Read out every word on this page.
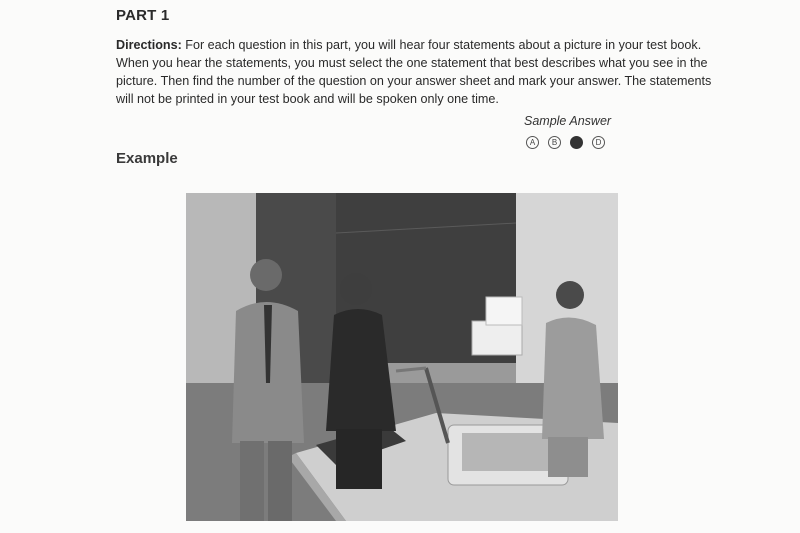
PART 1
Directions: For each question in this part, you will hear four statements about a picture in your test book. When you hear the statements, you must select the one statement that best describes what you see in the picture. Then find the number of the question on your answer sheet and mark your answer. The statements will not be printed in your test book and will be spoken only one time.
Sample Answer
A	B	D
Example
